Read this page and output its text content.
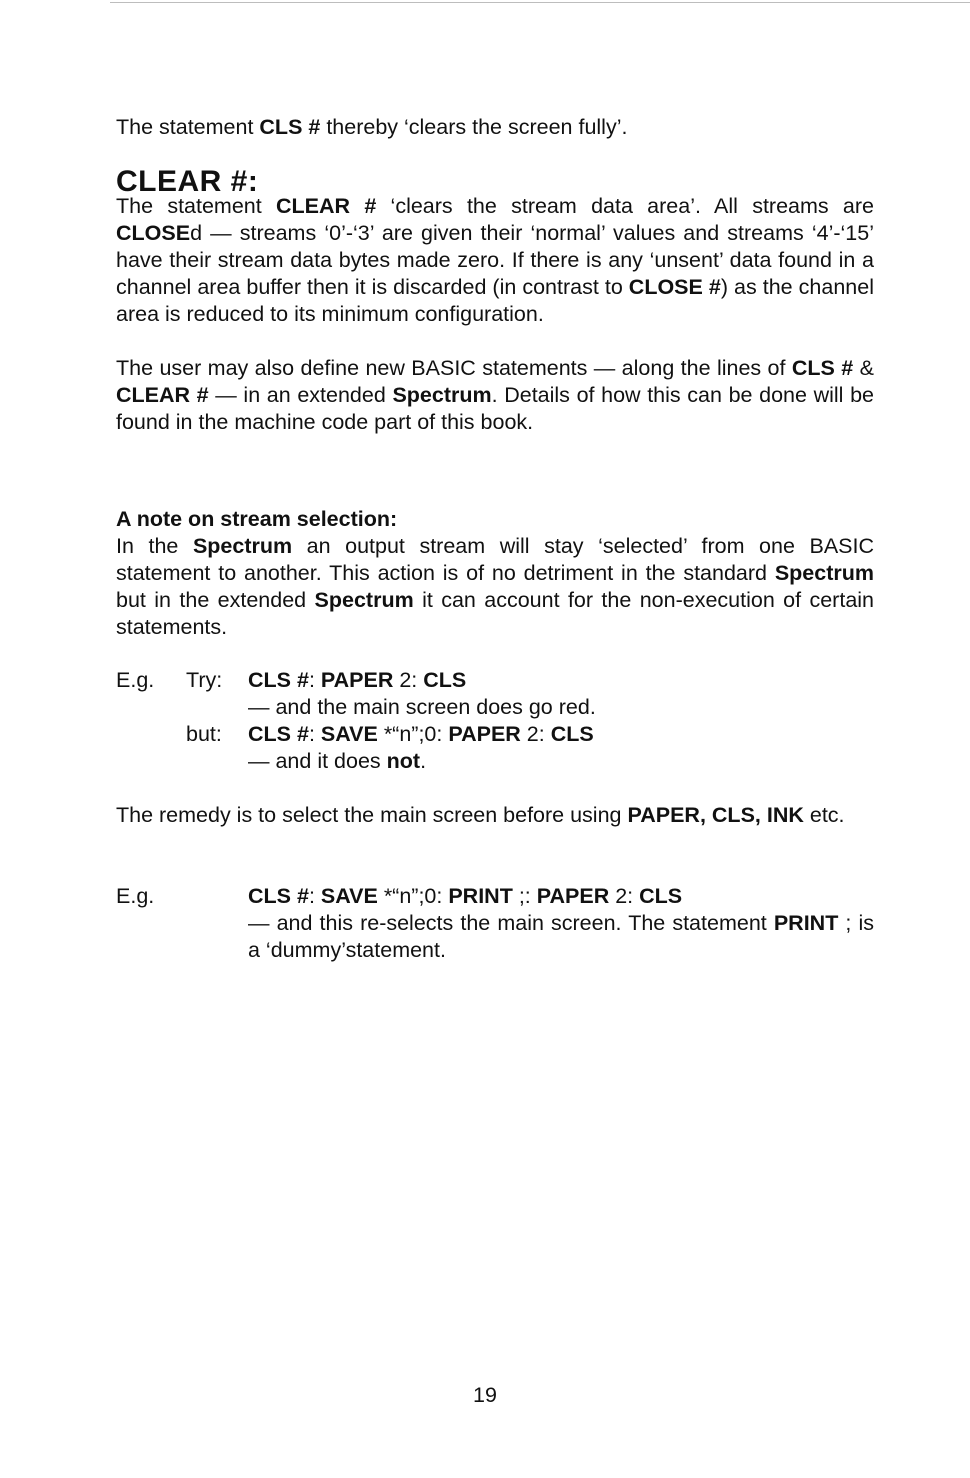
The statement CLS # thereby ‘clears the screen fully’.

CLEAR #:

The statement CLEAR # ‘clears the stream data area’. All streams are CLOSEd — streams ‘0’-‘3’ are given their ‘normal’ values and streams ‘4’-‘15’ have their stream data bytes made zero. If there is any ‘unsent’ data found in a channel area buffer then it is discarded (in contrast to CLOSE #) as the channel area is reduced to its minimum configuration.

The user may also define new BASIC statements — along the lines of CLS # & CLEAR # — in an extended Spectrum. Details of how this can be done will be found in the machine code part of this book.

A note on stream selection:

In the Spectrum an output stream will stay ‘selected’ from one BASIC statement to another. This action is of no detriment in the standard Spectrum but in the extended Spectrum it can account for the non-execution of certain statements.

E.g. Try: CLS #: PAPER 2: CLS
— and the main screen does go red.
but: CLS #: SAVE *“n”;0: PAPER 2: CLS
— and it does not.

The remedy is to select the main screen before using PAPER, CLS, INK etc.

E.g.	CLS #: SAVE *“n”;0: PRINT ;: PAPER 2: CLS
— and this re-selects the main screen. The statement PRINT ; is a ‘dummy’statement.
19
